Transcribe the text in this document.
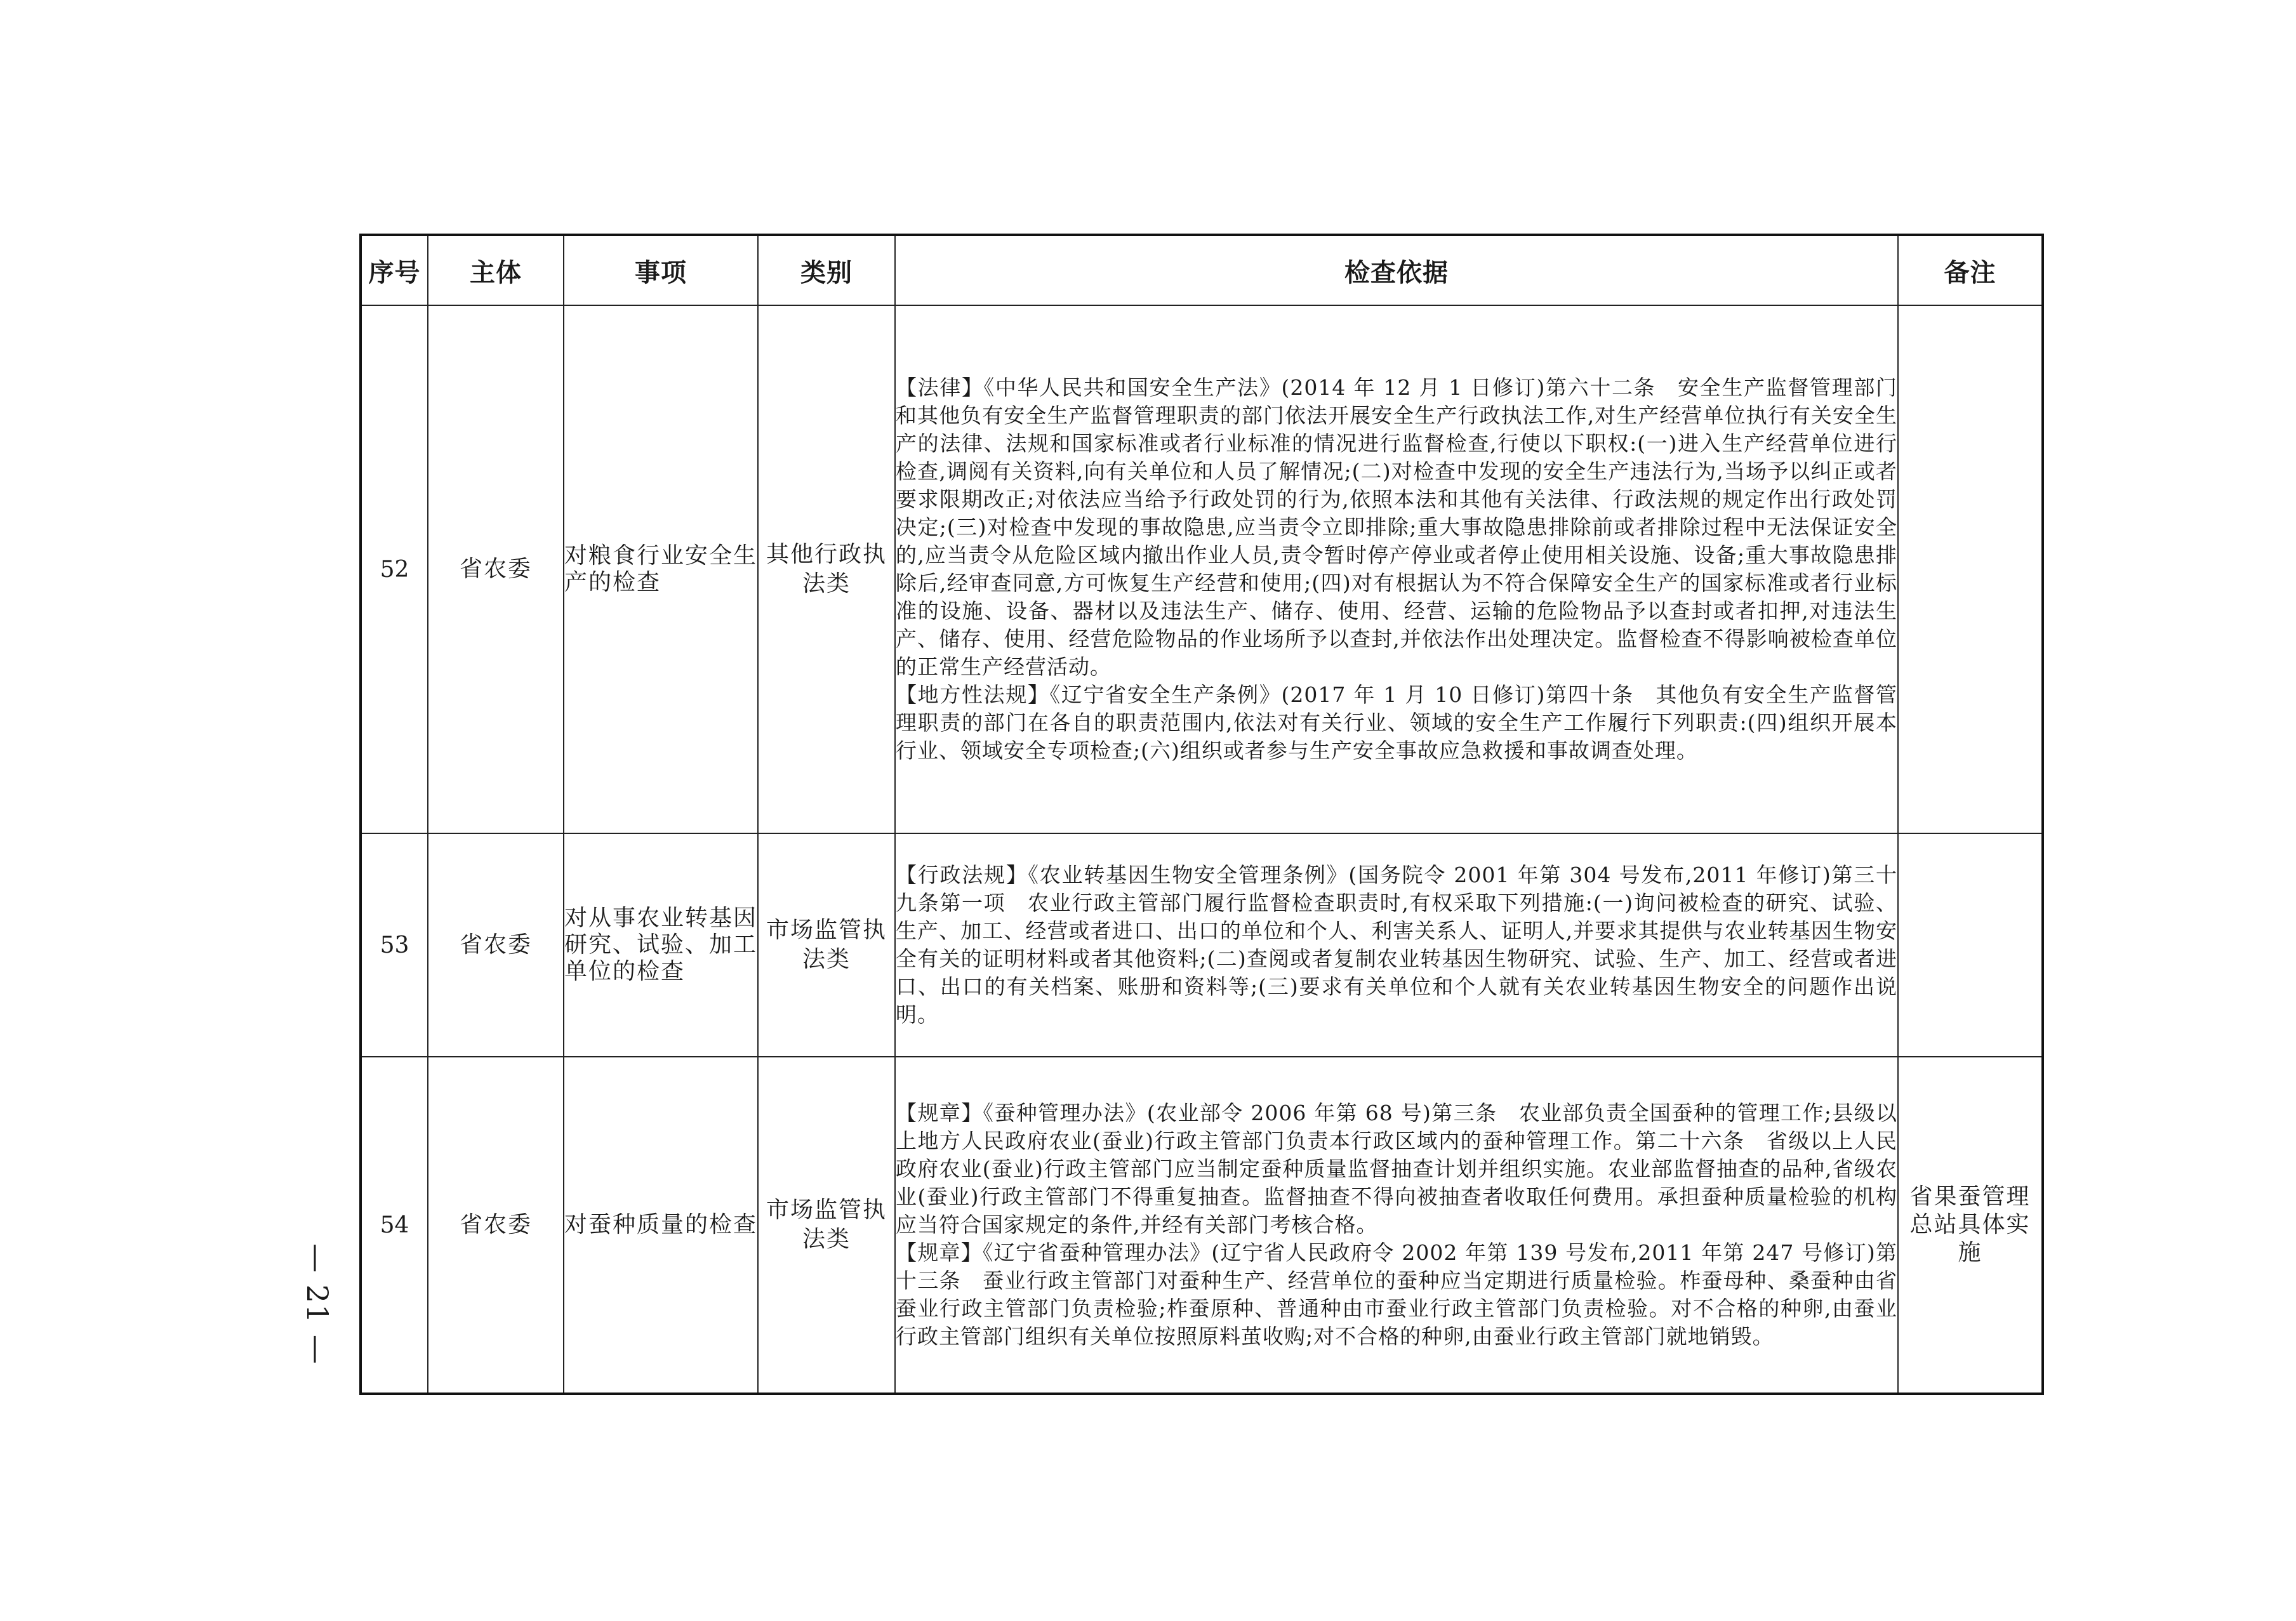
序号	主体	事项	类别	检查依据	备注
52	省农委	对粮食行业安全生产的检查	其他行政执法类	【法律】《中华人民共和国安全生产法》(2014 年 12 月 1 日修订)第六十二条　安全生产监督管理部门和其他负有安全生产监督管理职责的部门依法开展安全生产行政执法工作,对生产经营单位执行有关安全生产的法律、法规和国家标准或者行业标准的情况进行监督检查,行使以下职权:(一)进入生产经营单位进行检查,调阅有关资料,向有关单位和人员了解情况;(二)对检查中发现的安全生产违法行为,当场予以纠正或者要求限期改正;对依法应当给予行政处罚的行为,依照本法和其他有关法律、行政法规的规定作出行政处罚决定;(三)对检查中发现的事故隐患,应当责令立即排除;重大事故隐患排除前或者排除过程中无法保证安全的,应当责令从危险区域内撤出作业人员,责令暂时停产停业或者停止使用相关设施、设备;重大事故隐患排除后,经审查同意,方可恢复生产经营和使用;(四)对有根据认为不符合保障安全生产的国家标准或者行业标准的设施、设备、器材以及违法生产、储存、使用、经营、运输的危险物品予以查封或者扣押,对违法生产、储存、使用、经营危险物品的作业场所予以查封,并依法作出处理决定。监督检查不得影响被检查单位的正常生产经营活动。

【地方性法规】《辽宁省安全生产条例》(2017 年 1 月 10 日修订)第四十条　其他负有安全生产监督管理职责的部门在各自的职责范围内,依法对有关行业、领域的安全生产工作履行下列职责:(四)组织开展本行业、领域安全专项检查;(六)组织或者参与生产安全事故应急救援和事故调查处理。	

53	省农委	对从事农业转基因研究、试验、加工单位的检查	市场监管执法类	【行政法规】《农业转基因生物安全管理条例》(国务院令 2001 年第 304 号发布,2011 年修订)第三十九条第一项　农业行政主管部门履行监督检查职责时,有权采取下列措施:(一)询问被检查的研究、试验、生产、加工、经营或者进口、出口的单位和个人、利害关系人、证明人,并要求其提供与农业转基因生物安全有关的证明材料或者其他资料;(二)查阅或者复制农业转基因生物研究、试验、生产、加工、经营或者进口、出口的有关档案、账册和资料等;(三)要求有关单位和个人就有关农业转基因生物安全的问题作出说明。	

54	省农委	对蚕种质量的检查	市场监管执法类	【规章】《蚕种管理办法》(农业部令 2006 年第 68 号)第三条　农业部负责全国蚕种的管理工作;县级以上地方人民政府农业(蚕业)行政主管部门负责本行政区域内的蚕种管理工作。第二十六条　省级以上人民政府农业(蚕业)行政主管部门应当制定蚕种质量监督抽查计划并组织实施。农业部监督抽查的品种,省级农业(蚕业)行政主管部门不得重复抽查。监督抽查不得向被抽查者收取任何费用。承担蚕种质量检验的机构应当符合国家规定的条件,并经有关部门考核合格。

【规章】《辽宁省蚕种管理办法》(辽宁省人民政府令 2002 年第 139 号发布,2011 年第 247 号修订)第十三条　蚕业行政主管部门对蚕种生产、经营单位的蚕种应当定期进行质量检验。柞蚕母种、桑蚕种由省蚕业行政主管部门负责检验;柞蚕原种、普通种由市蚕业行政主管部门负责检验。对不合格的种卵,由蚕业行政主管部门组织有关单位按照原料茧收购;对不合格的种卵,由蚕业行政主管部门就地销毁。	省果蚕管理总站具体实施
— 21 —
